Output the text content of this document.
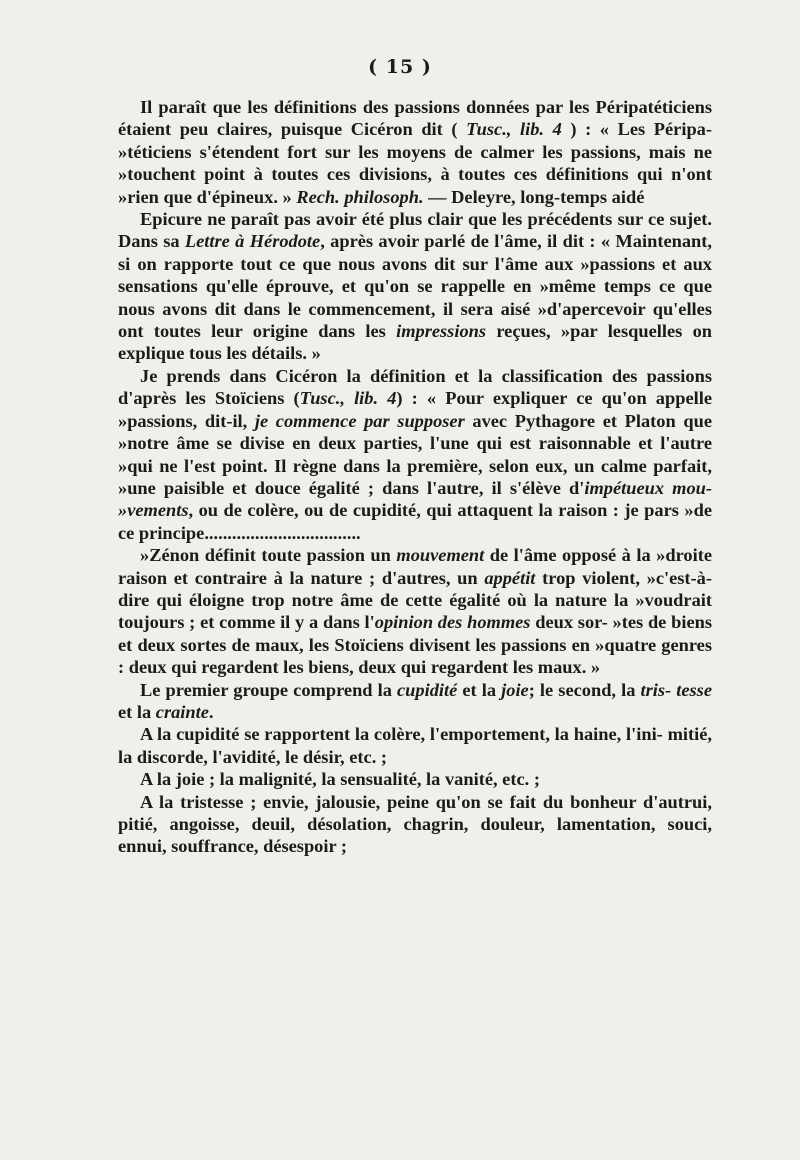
( 15 )

Il paraît que les définitions des passions données par les Péripatéticiens étaient peu claires, puisque Cicéron dit ( Tusc., lib. 4 ) : « Les Péripa- »téticiens s'étendent fort sur les moyens de calmer les passions, mais ne »touchent point à toutes ces divisions, à toutes ces définitions qui n'ont »rien que d'épineux. » Rech. philosoph. — Deleyre, long-temps aidé

Epicure ne paraît pas avoir été plus clair que les précédents sur ce sujet. Dans sa Lettre à Hérodote, après avoir parlé de l'âme, il dit : « Maintenant, si on rapporte tout ce que nous avons dit sur l'âme aux »passions et aux sensations qu'elle éprouve, et qu'on se rappelle en »même temps ce que nous avons dit dans le commencement, il sera aisé »d'apercevoir qu'elles ont toutes leur origine dans les impressions reçues, »par lesquelles on explique tous les détails. »

Je prends dans Cicéron la définition et la classification des passions d'après les Stoïciens (Tusc., lib. 4) : « Pour expliquer ce qu'on appelle »passions, dit-il, je commence par supposer avec Pythagore et Platon que »notre âme se divise en deux parties, l'une qui est raisonnable et l'autre »qui ne l'est point. Il règne dans la première, selon eux, un calme parfait, »une paisible et douce égalité ; dans l'autre, il s'élève d'impétueux mou- »vements, ou de colère, ou de cupidité, qui attaquent la raison : je pars »de ce principe..................................

»Zénon définit toute passion un mouvement de l'âme opposé à la »droite raison et contraire à la nature ; d'autres, un appétit trop violent, »c'est-à-dire qui éloigne trop notre âme de cette égalité où la nature la »voudrait toujours ; et comme il y a dans l'opinion des hommes deux sor- »tes de biens et deux sortes de maux, les Stoïciens divisent les passions en »quatre genres : deux qui regardent les biens, deux qui regardent les maux. »

Le premier groupe comprend la cupidité et la joie; le second, la tris- tesse et la crainte.

A la cupidité se rapportent la colère, l'emportement, la haine, l'ini- mitié, la discorde, l'avidité, le désir, etc. ;

A la joie ; la malignité, la sensualité, la vanité, etc. ;

A la tristesse ; envie, jalousie, peine qu'on se fait du bonheur d'autrui, pitié, angoisse, deuil, désolation, chagrin, douleur, lamentation, souci, ennui, souffrance, désespoir ;
